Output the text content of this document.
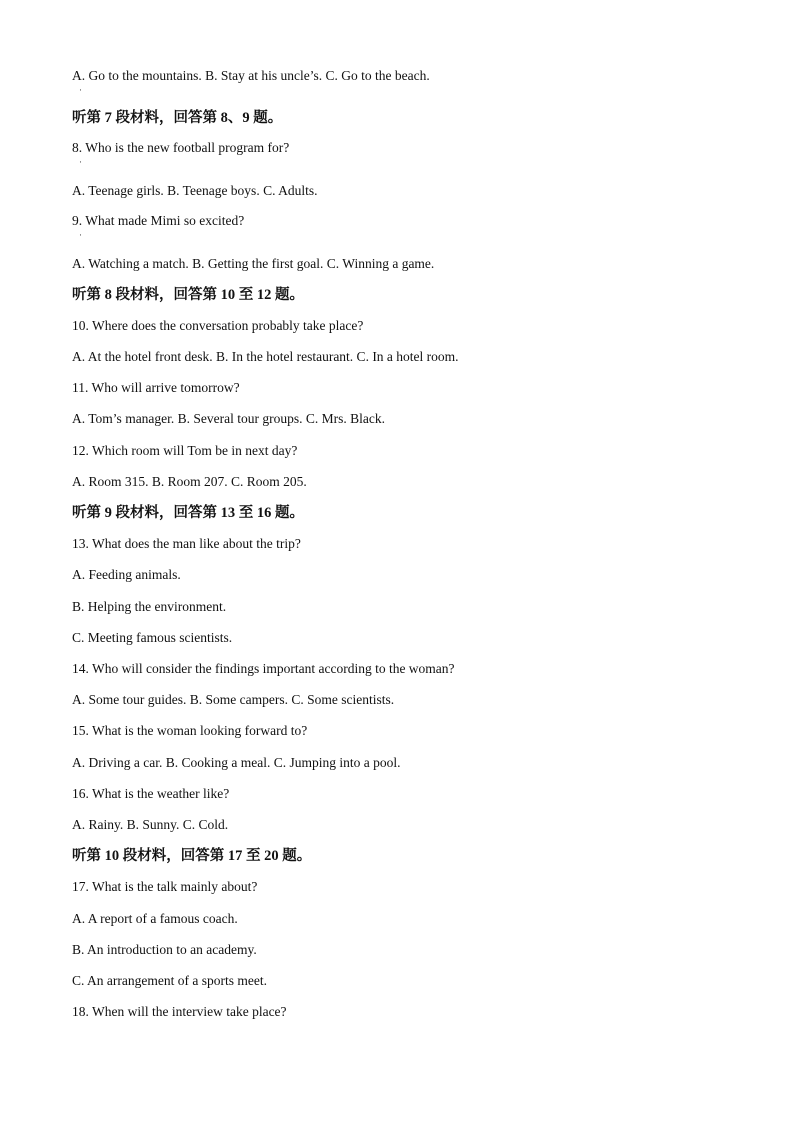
A. Go to the mountains. B. Stay at his uncle’s. C. Go to the beach.
·
听第 7 段材料，回答第 8、9 题。
8. Who is the new football program for?
·
A. Teenage girls. B. Teenage boys. C. Adults.
9. What made Mimi so excited?
·
A. Watching a match. B. Getting the first goal. C. Winning a game.
听第 8 段材料，回答第 10 至 12 题。
10. Where does the conversation probably take place?
A. At the hotel front desk. B. In the hotel restaurant. C. In a hotel room.
11. Who will arrive tomorrow?
A. Tom’s manager. B. Several tour groups. C. Mrs. Black.
12. Which room will Tom be in next day?
A. Room 315. B. Room 207. C. Room 205.
听第 9 段材料，回答第 13 至 16 题。
13. What does the man like about the trip?
A. Feeding animals.
B. Helping the environment.
C. Meeting famous scientists.
14. Who will consider the findings important according to the woman?
A. Some tour guides. B. Some campers. C. Some scientists.
15. What is the woman looking forward to?
A. Driving a car. B. Cooking a meal. C. Jumping into a pool.
16. What is the weather like?
A. Rainy. B. Sunny. C. Cold.
听第 10 段材料，回答第 17 至 20 题。
17. What is the talk mainly about?
A. A report of a famous coach.
B. An introduction to an academy.
C. An arrangement of a sports meet.
18. When will the interview take place?
